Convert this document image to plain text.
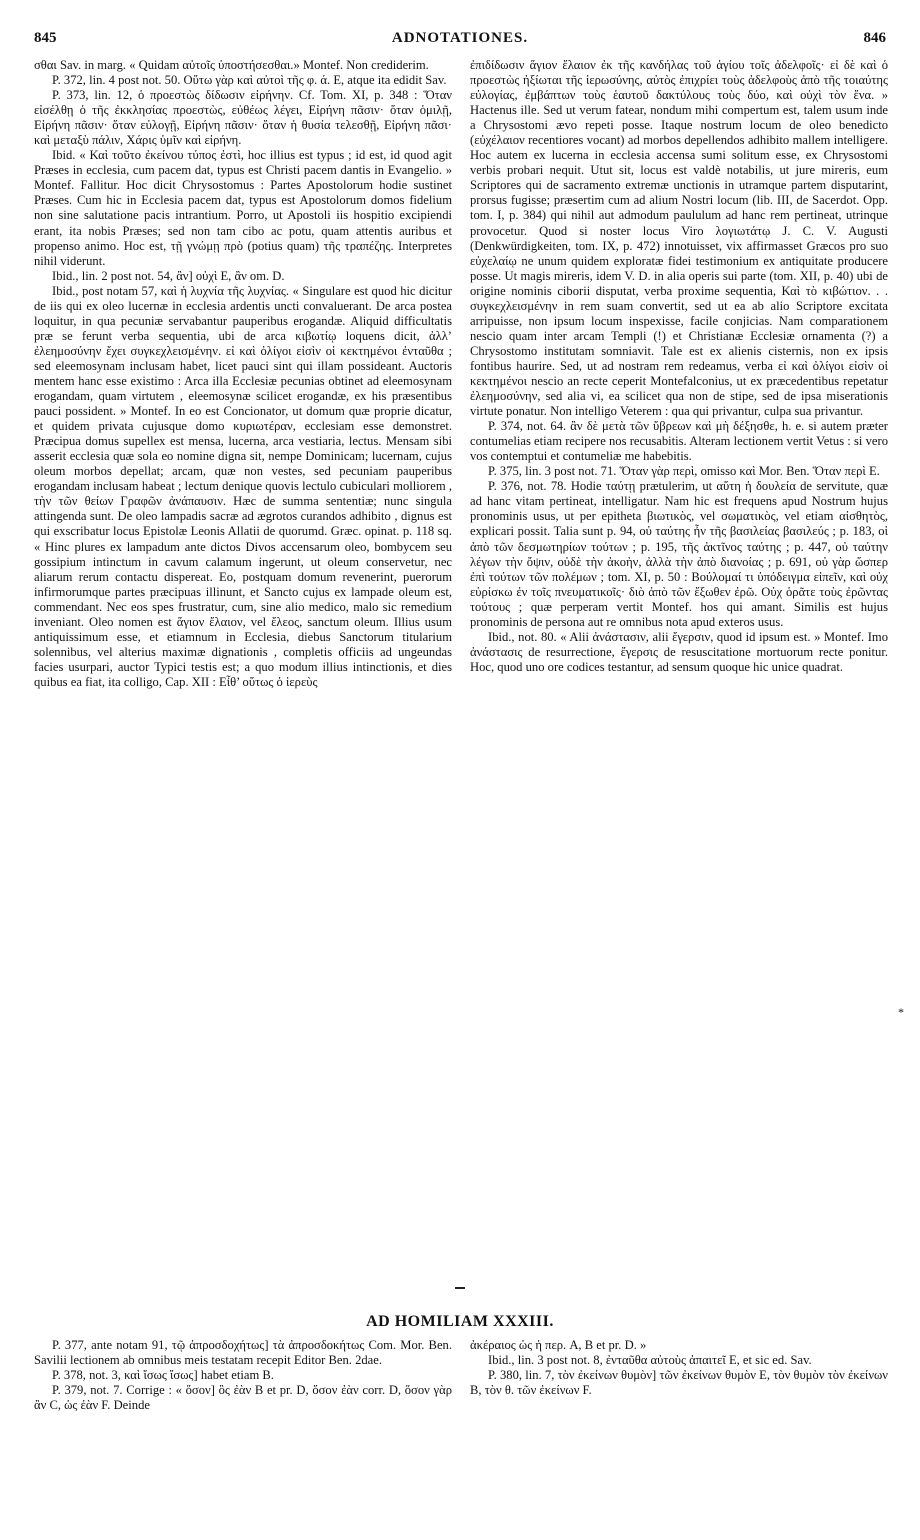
845	ADNOTATIONES.	846

σθαι Sav. in marg. « Quidam αὐτοῖς ὑποστήσεσθαι.» Montef. Non crediderim.

P. 372, lin. 4 post not. 50. Οὕτω γὰρ καὶ αὐτοὶ τῆς φ. ά. E, atque ita edidit Sav.

P. 373, lin. 12, ὁ προεστὼς δίδωσιν εἰρήνην. Cf. Tom. XI, p. 348 : Ὅταν εἰσέλθῃ ὁ τῆς ἐκκλησίας προεστὼς, εὐθέως λέγει, Εἰρήνη πᾶσιν· ὅταν ὁμιλῇ, Εἰρήνη πᾶσιν· ὅταν εὐλογῇ, Εἰρήνη πᾶσιν· ὅταν ἡ θυσία τελεσθῇ, Εἰρήνη πᾶσι· καὶ μεταξὺ πάλιν, Χάρις ὑμῖν καὶ εἰρήνη.

Ibid. « Καὶ τοῦτο ἐκείνου τύπος ἐστὶ, hoc illius est typus ; id est, id quod agit Præses in ecclesia, cum pacem dat, typus est Christi pacem dantis in Evangelio. » Montef. Fallitur. Hoc dicit Chrysostomus : Partes Apostolorum hodie sustinet Præses. Cum hic in Ecclesia pacem dat, typus est Apostolorum domos fidelium non sine salutatione pacis intrantium. Porro, ut Apostoli iis hospitio excipiendi erant, ita nobis Præses; sed non tam cibo ac potu, quam attentis auribus et propenso animo. Hoc est, τῇ γνώμῃ πρὸ (potius quam) τῆς τραπέζης. Interpretes nihil viderunt.

Ibid., lin. 2 post not. 54, ἂν] οὐχὶ E, ἂν om. D.

Ibid., post notam 57, καὶ ἡ λυχνία τῆς λυχνίας. « Singulare est quod hic dicitur de iis qui ex oleo lucernæ in ecclesia ardentis uncti convaluerant. De arca postea loquitur, in qua pecuniæ servabantur pauperibus erogandæ. Aliquid difficultatis præ se ferunt verba sequentia, ubi de arca κιβωτίῳ loquens dicit, ἀλλ’ ἐλεημοσύνην ἔχει συγκεχλεισμένην. εἰ καὶ ὀλίγοι εἰσὶν οἱ κεκτημένοι ἐνταῦθα ; sed eleemosynam inclusam habet, licet pauci sint qui illam possideant. Auctoris mentem hanc esse existimo : Arca illa Ecclesiæ pecunias obtinet ad eleemosynam erogandam, quam virtutem , eleemosynæ scilicet erogandæ, ex his præsentibus pauci possident. » Montef. In eo est Concionator, ut domum quæ proprie dicatur, et quidem privata cujusque domo κυριωτέραν, ecclesiam esse demonstret. Præcipua domus supellex est mensa, lucerna, arca vestiaria, lectus. Mensam sibi asserit ecclesia quæ sola eo nomine digna sit, nempe Dominicam; lucernam, cujus oleum morbos depellat; arcam, quæ non vestes, sed pecuniam pauperibus erogandam inclusam habeat ; lectum denique quovis lectulo cubiculari molliorem , τὴν τῶν θείων Γραφῶν ἀνάπαυσιν. Hæc de summa sententiæ; nunc singula attingenda sunt. De oleo lampadis sacræ ad ægrotos curandos adhibito , dignus est qui exscribatur locus Epistolæ Leonis Allatii de quorumd. Græc. opinat. p. 118 sq. « Hinc plures ex lampadum ante dictos Divos accensarum oleo, bombycem seu gossipium intinctum in cavum calamum ingerunt, ut oleum conservetur, nec aliarum rerum contactu dispereat. Eo, postquam domum revenerint, puerorum infirmorumque partes præcipuas illinunt, et Sancto cujus ex lampade oleum est, commendant. Nec eos spes frustratur, cum, sine alio medico, malo sic remedium inveniant. Oleo nomen est ἅγιον ἔλαιον, vel ἔλεος, sanctum oleum. Illius usum antiquissimum esse, et etiamnum in Ecclesia, diebus Sanctorum titularium solennibus, vel alterius maximæ dignationis , completis officiis ad ungeundas facies usurpari, auctor Typici testis est; a quo modum illius intinctionis, et dies quibus ea fiat, ita colligo, Cap. XII : Εἶθ’ οὕτως ὁ ἱερεὺς

ἐπιδίδωσιν ἅγιον ἔλαιον ἐκ τῆς κανδήλας τοῦ ἁγίου τοῖς ἀδελφοῖς· εἰ δὲ καὶ ὁ προεστὼς ἠξίωται τῆς ἱερωσύνης, αὐτὸς ἐπιχρίει τοὺς ἀδελφοὺς ἀπὸ τῆς τοιαύτης εὐλογίας, ἐμβάπτων τοὺς ἑαυτοῦ δακτύλους τοὺς δύο, καὶ οὐχὶ τὸν ἕνα. » Hactenus ille. Sed ut verum fatear, nondum mihi compertum est, talem usum inde a Chrysostomi ævo repeti posse. Itaque nostrum locum de oleo benedicto (εὐχέλαιον recentiores vocant) ad morbos depellendos adhibito mallem intelligere. Hoc autem ex lucerna in ecclesia accensa sumi solitum esse, ex Chrysostomi verbis probari nequit. Utut sit, locus est valdè notabilis, ut jure mireris, eum Scriptores qui de sacramento extremæ unctionis in utramque partem disputarint, prorsus fugisse; præsertim cum ad alium Nostri locum (lib. III, de Sacerdot. Opp. tom. I, p. 384) qui nihil aut admodum paululum ad hanc rem pertineat, utrinque provocetur. Quod si noster locus Viro λογιωτάτῳ J. C. V. Augusti (Denkwürdigkeiten, tom. IX, p. 472) innotuisset, vix affirmasset Græcos pro suo εὐχελαίῳ ne unum quidem exploratæ fidei testimonium ex antiquitate producere posse. Ut magis mireris, idem V. D. in alia operis sui parte (tom. XII, p. 40) ubi de origine nominis ciborii disputat, verba proxime sequentia, Καὶ τὸ κιβώτιον. . . συγκεχλεισμένην in rem suam convertit, sed ut ea ab alio Scriptore excitata arripuisse, non ipsum locum inspexisse, facile conjicias. Nam comparationem nescio quam inter arcam Templi (!) et Christianæ Ecclesiæ ornamenta (?) a Chrysostomo institutam somniavit. Tale est ex alienis cisternis, non ex ipsis fontibus haurire. Sed, ut ad nostram rem redeamus, verba εἰ καὶ ὀλίγοι εἰσὶν οἱ κεκτημένοι nescio an recte ceperit Montefalconius, ut ex præcedentibus repetatur ἐλεημοσύνην, sed alia vi, ea scilicet qua non de stipe, sed de ipsa miserationis virtute ponatur. Non intelligo Veterem : qua qui privantur, culpa sua privantur.

P. 374, not. 64. ἂν δὲ μετὰ τῶν ὕβρεων καὶ μὴ δέξησθε, h. e. si autem præter contumelias etiam recipere nos recusabitis. Alteram lectionem vertit Vetus : si vero vos contemptui et contumeliæ me habebitis.

P. 375, lin. 3 post not. 71. Ὅταν γὰρ περὶ, omisso καὶ Mor. Ben. Ὅταν περὶ E.

P. 376, not. 78. Hodie ταύτῃ prætulerim, ut αὕτη ἡ δουλεία de servitute, quæ ad hanc vitam pertineat, intelligatur. Nam hic est frequens apud Nostrum hujus pronominis usus, ut per epitheta βιωτικὸς, vel σωματικὸς, vel etiam αἰσθητὸς, explicari possit. Talia sunt p. 94, οὐ ταύτης ἦν τῆς βασιλείας βασιλεύς ; p. 183, οἱ ἀπὸ τῶν δεσμωτηρίων τούτων ; p. 195, τῆς ἀκτῖνος ταύτης ; p. 447, οὐ ταύτην λέγων τὴν ὄψιν, οὐδὲ τὴν ἀκοὴν, ἀλλὰ τὴν ἀπὸ διανοίας ; p. 691, οὐ γὰρ ὥσπερ ἐπὶ τούτων τῶν πολέμων ; tom. XI, p. 50 : Βούλομαί τι ὑπόδειγμα εἰπεῖν, καὶ οὐχ εὑρίσκω ἐν τοῖς πνευματικοῖς· διὸ ἀπὸ τῶν ἔξωθεν ἐρῶ. Οὐχ ὁρᾶτε τοὺς ἐρῶντας τούτους ; quæ perperam vertit Montef. hos qui amant. Similis est hujus pronominis de persona aut re omnibus nota apud exteros usus.

Ibid., not. 80. « Alii ἀνάστασιν, alii ἔγερσιν, quod id ipsum est. » Montef. Imo ἀνάστασις de resurrectione, ἔγερσις de resuscitatione mortuorum recte ponitur. Hoc, quod uno ore codices testantur, ad sensum quoque hic unice quadrat.

*
AD HOMILIAM XXXIII.

P. 377, ante notam 91, τῷ ἀπροσδοχήτως] τὰ ἀπροσδοκήτως Com. Mor. Ben. Savilii lectionem ab omnibus meis testatam recepit Editor Ben. 2dae.

P. 378, not. 3, καὶ ἴσως ἴσως] habet etiam B.

P. 379, not. 7. Corrige : « ὅσον] ὃς ἐὰν B et pr. D, ὅσον ἐὰν corr. D, ὅσον γὰρ ἂν C, ὡς ἐὰν F. Deinde

ἀκέραιος ὡς ἡ περ. A, B et pr. D. »

Ibid., lin. 3 post not. 8, ἐνταῦθα αὐτοὺς ἀπαιτεῖ E, et sic ed. Sav.

P. 380, lin. 7, τὸν ἐκείνων θυμὸν] τῶν ἐκείνων θυμὸν E, τὸν θυμὸν τὸν ἐκείνων B, τὸν θ. τῶν ἐκείνων F.
